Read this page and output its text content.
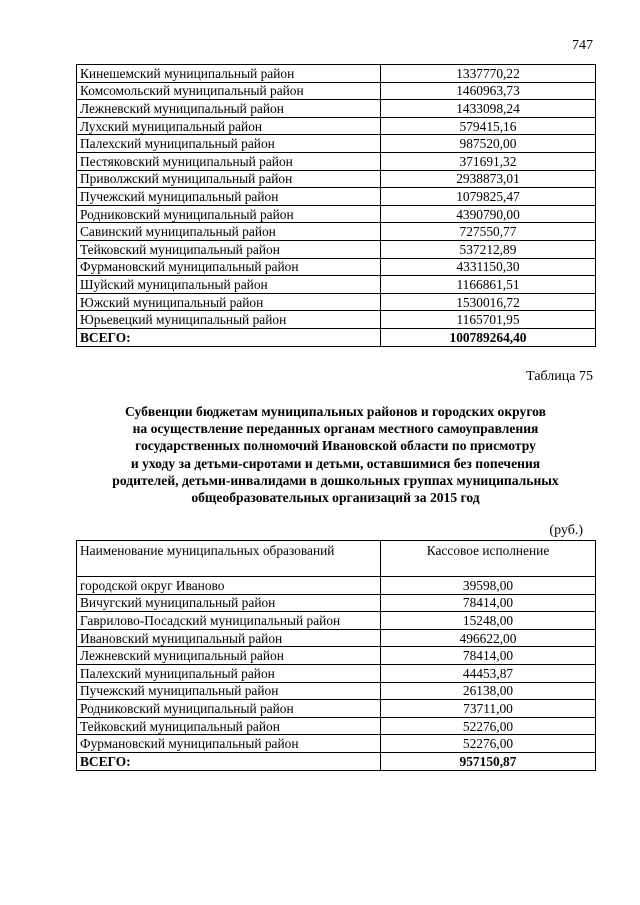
747
Кинешемский муниципальный район	1337770,22
Комсомольский муниципальный район	1460963,73
Лежневский муниципальный район	1433098,24
Лухский муниципальный район	579415,16
Палехский муниципальный район	987520,00
Пестяковский муниципальный район	371691,32
Приволжский муниципальный район	2938873,01
Пучежский муниципальный район	1079825,47
Родниковский муниципальный район	4390790,00
Савинский муниципальный район	727550,77
Тейковский муниципальный район	537212,89
Фурмановский муниципальный район	4331150,30
Шуйский муниципальный район	1166861,51
Южский муниципальный район	1530016,72
Юрьевецкий муниципальный район	1165701,95
ВСЕГО:	100789264,40
Таблица 75
Субвенции бюджетам муниципальных районов и городских округов
на осуществление переданных органам местного самоуправления
государственных полномочий Ивановской области по присмотру
и уходу за детьми-сиротами и детьми, оставшимися без попечения
родителей, детьми-инвалидами в дошкольных группах муниципальных
общеобразовательных организаций за 2015 год
(руб.)
Наименование муниципальных образований	Кассовое исполнение
городской округ Иваново	39598,00
Вичугский муниципальный район	78414,00
Гаврилово-Посадский муниципальный район	15248,00
Ивановский муниципальный район	496622,00
Лежневский муниципальный район	78414,00
Палехский муниципальный район	44453,87
Пучежский муниципальный район	26138,00
Родниковский муниципальный район	73711,00
Тейковский муниципальный район	52276,00
Фурмановский муниципальный район	52276,00
ВСЕГО:	957150,87
